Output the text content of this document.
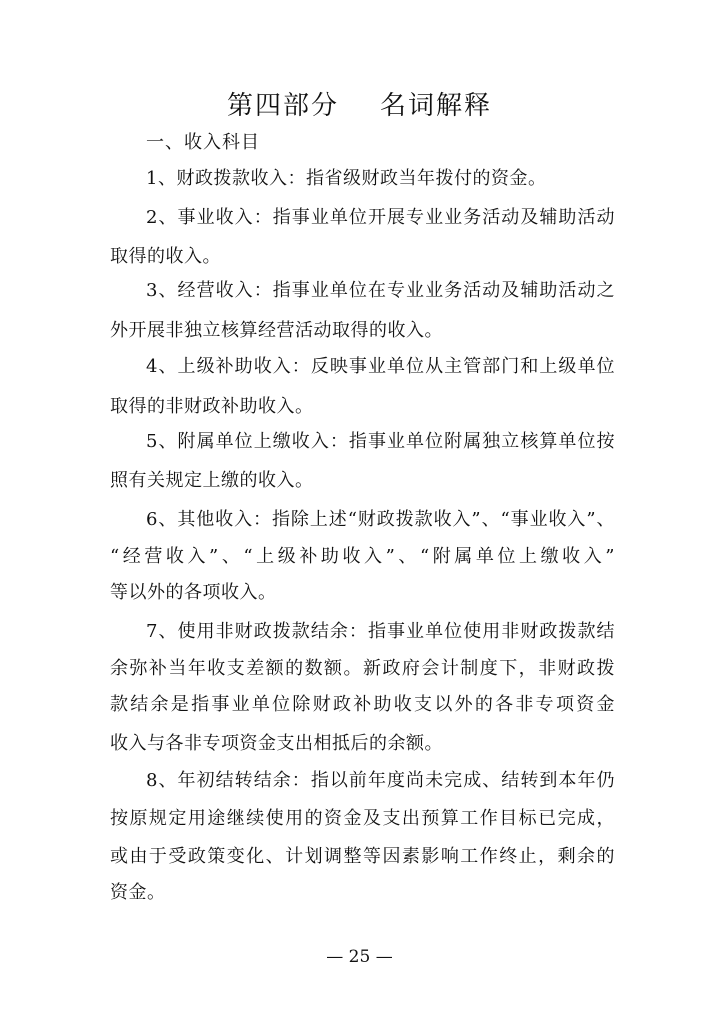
第四部分    名词解释
一、收入科目
1、财政拨款收入：指省级财政当年拨付的资金。
2、事业收入：指事业单位开展专业业务活动及辅助活动
取得的收入。
3、经营收入：指事业单位在专业业务活动及辅助活动之
外开展非独立核算经营活动取得的收入。
4、上级补助收入：反映事业单位从主管部门和上级单位
取得的非财政补助收入。
5、附属单位上缴收入：指事业单位附属独立核算单位按
照有关规定上缴的收入。
6、其他收入：指除上述“财政拨款收入”、“事业收入”、
“经营收入”、“上级补助收入”、“附属单位上缴收入”
等以外的各项收入。
7、使用非财政拨款结余：指事业单位使用非财政拨款结
余弥补当年收支差额的数额。新政府会计制度下，非财政拨
款结余是指事业单位除财政补助收支以外的各非专项资金
收入与各非专项资金支出相抵后的余额。
8、年初结转结余：指以前年度尚未完成、结转到本年仍
按原规定用途继续使用的资金及支出预算工作目标已完成，
或由于受政策变化、计划调整等因素影响工作终止，剩余的
资金。
— 25 —
